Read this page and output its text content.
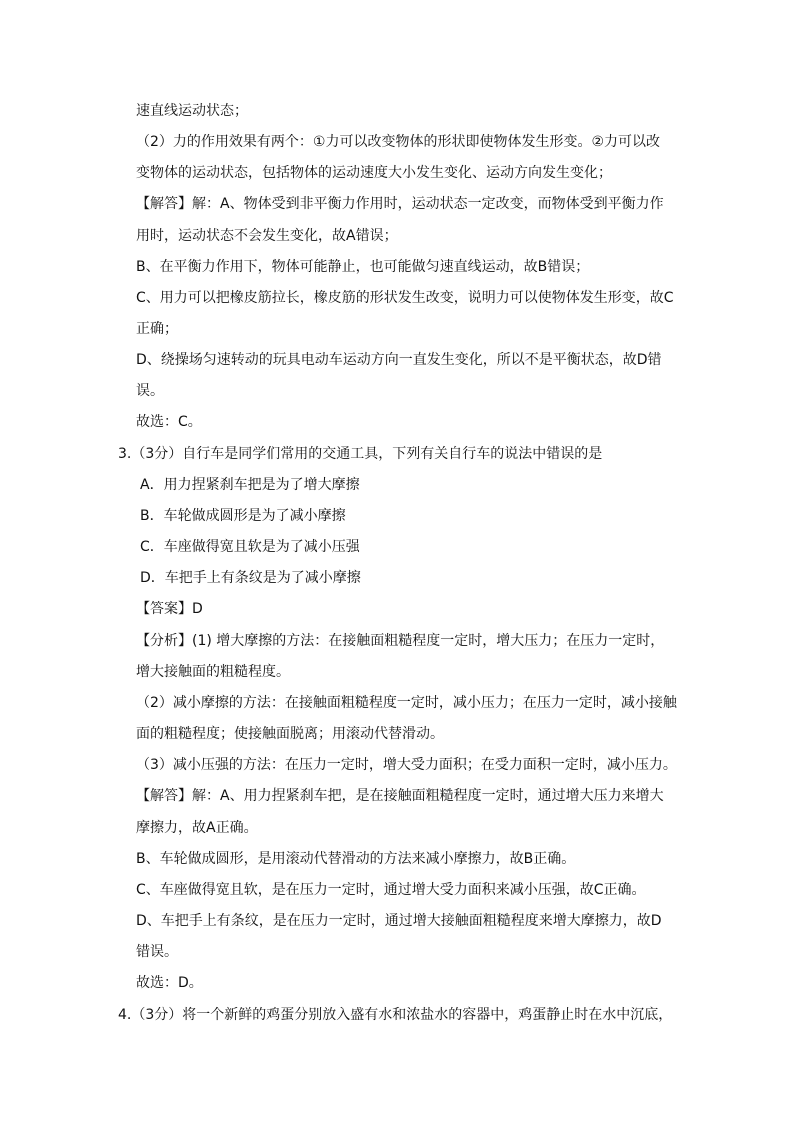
速直线运动状态；
（2）力的作用效果有两个：①力可以改变物体的形状即使物体发生形变。②力可以改
变物体的运动状态，包括物体的运动速度大小发生变化、运动方向发生变化；
【解答】解：A、物体受到非平衡力作用时，运动状态一定改变，而物体受到平衡力作
用时，运动状态不会发生变化，故A错误；
B、在平衡力作用下，物体可能静止，也可能做匀速直线运动，故B错误；
C、用力可以把橡皮筋拉长，橡皮筋的形状发生改变，说明力可以使物体发生形变，故C
正确；
D、绕操场匀速转动的玩具电动车运动方向一直发生变化，所以不是平衡状态，故D错
误。
故选：C。
3.（3分）自行车是同学们常用的交通工具，下列有关自行车的说法中错误的是
A．用力捏紧刹车把是为了增大摩擦
B．车轮做成圆形是为了减小摩擦
C．车座做得宽且软是为了减小压强
D．车把手上有条纹是为了减小摩擦
【答案】D
【分析】(1) 增大摩擦的方法：在接触面粗糙程度一定时，增大压力；在压力一定时，
增大接触面的粗糙程度。
（2）减小摩擦的方法：在接触面粗糙程度一定时，减小压力；在压力一定时，减小接触
面的粗糙程度；使接触面脱离；用滚动代替滑动。
（3）减小压强的方法：在压力一定时，增大受力面积；在受力面积一定时，减小压力。
【解答】解：A、用力捏紧刹车把，是在接触面粗糙程度一定时，通过增大压力来增大
摩擦力，故A正确。
B、车轮做成圆形，是用滚动代替滑动的方法来减小摩擦力，故B正确。
C、车座做得宽且软，是在压力一定时，通过增大受力面积来减小压强，故C正确。
D、车把手上有条纹，是在压力一定时，通过增大接触面粗糙程度来增大摩擦力，故D
错误。
故选：D。
4.（3分）将一个新鲜的鸡蛋分别放入盛有水和浓盐水的容器中，鸡蛋静止时在水中沉底，
